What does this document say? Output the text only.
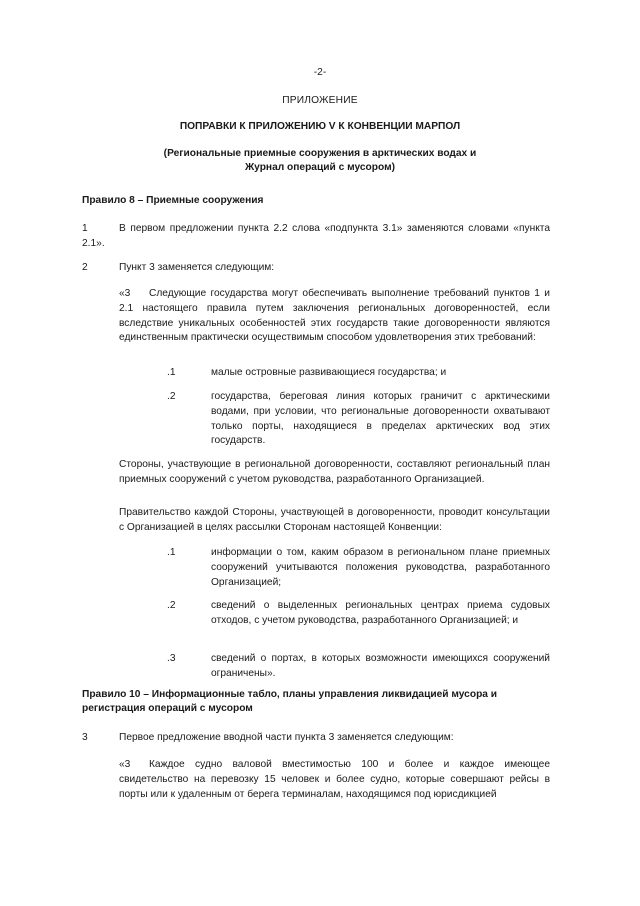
-2-
ПРИЛОЖЕНИЕ
ПОПРАВКИ К ПРИЛОЖЕНИЮ V К КОНВЕНЦИИ МАРПОЛ
(Региональные приемные сооружения в арктических водах и
Журнал операций с мусором)
Правило 8 – Приемные сооружения
1	В первом предложении пункта 2.2 слова «подпункта 3.1» заменяются словами «пункта 2.1».

2	Пункт 3 заменяется следующим:

«3	Следующие государства могут обеспечивать выполнение требований пунктов 1 и 2.1 настоящего правила путем заключения региональных договоренностей, если вследствие уникальных особенностей этих государств такие договоренности являются единственным практически осуществимым способом удовлетворения этих требований:

.1	малые островные развивающиеся государства; и

.2	государства, береговая линия которых граничит с арктическими водами, при условии, что региональные договоренности охватывают только порты, находящиеся в пределах арктических вод этих государств.

Стороны, участвующие в региональной договоренности, составляют региональный план приемных сооружений с учетом руководства, разработанного Организацией.

Правительство каждой Стороны, участвующей в договоренности, проводит консультации с Организацией в целях рассылки Сторонам настоящей Конвенции:

.1	информации о том, каким образом в региональном плане приемных сооружений учитываются положения руководства, разработанного Организацией;

.2	сведений о выделенных региональных центрах приема судовых отходов, с учетом руководства, разработанного Организацией; и

.3	сведений о портах, в которых возможности имеющихся сооружений ограничены».

Правило 10 – Информационные табло, планы управления ликвидацией мусора и
регистрация операций с мусором
3	Первое предложение вводной части пункта 3 заменяется следующим:

«3	Каждое судно валовой вместимостью 100 и более и каждое имеющее свидетельство на перевозку 15 человек и более судно, которые совершают рейсы в порты или к удаленным от берега терминалам, находящимся под юрисдикцией
